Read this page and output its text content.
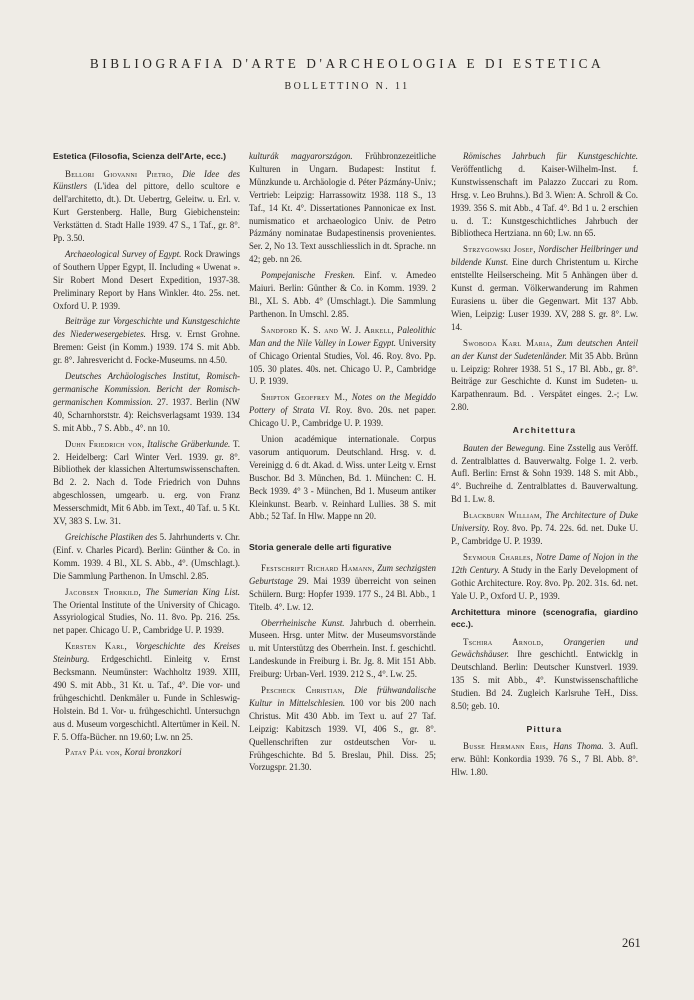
BIBLIOGRAFIA D'ARTE D'ARCHEOLOGIA E DI ESTETICA
BOLLETTINO N. 11
Estetica (Filosofia, Scienza dell'Arte, ecc.)

Bellori Giovanni Pietro, Die Idee des Künstlers (L'idea del pittore, dello scultore e dell'architetto, dt.). Dt. Uebertrg, Geleitw. u. Erl. v. Kurt Gerstenberg. Halle, Burg Giebichenstein: Verkstätten d. Stadt Halle 1939. 47 S., 1 Taf., gr. 8°. Pp. 3.50.

Archaeological Survey of Egypt. Rock Drawings of Southern Upper Egypt, II. Including « Uwenat ». Sir Robert Mond Desert Expedition, 1937-38. Preliminary Report by Hans Winkler. 4to. 25s. net. Oxford U. P. 1939.

Beiträge zur Vorgeschichte und Kunstgeschichte des Niederwesergebietes. Hrsg. v. Ernst Grohne. Bremen: Geist (in Komm.) 1939. 174 S. mit Abb. gr. 8°. Jahresvericht d. Focke-Museums. nn 4.50.

Deutsches Archäologisches Institut, Romisch-germanische Kommission. Bericht der Romisch-germanischen Kommission. 27. 1937. Berlin (NW 40, Scharnhorststr. 4): Reichsverlagsamt 1939. 134 S. mit Abb., 7 S. Abb., 4°. nn 10.

Duhn Friedrich von, Italische Gräberkunde. T. 2. Heidelberg: Carl Winter Verl. 1939. gr. 8°. Bibliothek der klassichen Altertumswissenschaften. Bd 2. 2. Nach d. Tode Friedrich von Duhns abgeschlossen, umgearb. u. erg. von Franz Messerschmidt, Mit 6 Abb. im Text., 40 Taf. u. 5 Kt. XV, 383 S. Lw. 31.

Greichische Plastiken des 5. Jahrhunderts v. Chr. (Einf. v. Charles Picard). Berlin: Günther & Co. in Komm. 1939. 4 Bl., XL S. Abb., 4°. (Umschlagt.). Die Sammlung Parthenon. In Umschl. 2.85.

Jacobsen Thorkild, The Sumerian King List. The Oriental Institute of the University of Chicago. Assyriological Studies, No. 11. 8vo. Pp. 216. 25s. net paper. Chicago U. P., Cambridge U. P. 1939.

Kersten Karl, Vorgeschichte des Kreises Steinburg. Erdgeschichtl. Einleitg v. Ernst Becksmann. Neumünster: Wachholtz 1939. XIII, 490 S. mit Abb., 31 Kt. u. Taf., 4°. Die vor- und frühgeschichtl. Denkmäler u. Funde in Schleswig-Holstein. Bd 1. Vor- u. frühgeschichtl. Untersuchgn aus d. Museum vorgeschichtl. Altertümer in Keil. N. F. 5. Offa-Bücher. nn 19.60; Lw. nn 25.

Pataÿ Pál von, Korai bronzkori

kulturák magyarországon. Frühbronzezeitliche Kulturen in Ungarn. Budapest: Institut f. Münzkunde u. Archäologie d. Péter Pázmány-Univ.; Vertrieb: Leipzig: Harrassowitz 1938. 118 S., 13 Taf., 14 Kt. 4°. Dissertationes Pannonicae ex Inst. numismatico et archaeologico Univ. de Petro Pázmány nominatae Budapestinensis provenientes. Ser. 2, No 13. Text ausschliesslich in dt. Sprache. nn 42; geb. nn 26.

Pompejanische Fresken. Einf. v. Amedeo Maiuri. Berlin: Günther & Co. in Komm. 1939. 2 Bl., XL S. Abb. 4° (Umschlagt.). Die Sammlung Parthenon. In Umschl. 2.85.

Sandford K. S. and W. J. Arkell, Paleolithic Man and the Nile Valley in Lower Egypt. University of Chicago Oriental Studies, Vol. 46. Roy. 8vo. Pp. 105. 30 plates. 40s. net. Chicago U. P., Cambridge U. P. 1939.

Shipton Geoffrey M., Notes on the Megiddo Pottery of Strata VI. Roy. 8vo. 20s. net paper. Chicago U. P., Cambridge U. P. 1939.

Union académique internationale. Corpus vasorum antiquorum. Deutschland. Hrsg. v. d. Vereinigg d. 6 dt. Akad. d. Wiss. unter Leitg v. Ernst Buschor. Bd 3. München, Bd. 1. München: C. H. Beck 1939. 4° 3 - München, Bd 1. Museum antiker Kleinkunst. Bearb. v. Reinhard Lullies. 38 S. mit Abb.; 52 Taf. In Hlw. Mappe nn 20.

Storia generale delle arti figurative

Festschrift Richard Hamann, Zum sechzigsten Geburtstage 29. Mai 1939 überreicht von seinen Schülern. Burg: Hopfer 1939. 177 S., 24 Bl. Abb., 1 Titelb. 4°. Lw. 12.

Oberrheinische Kunst. Jahrbuch d. oberrhein. Museen. Hrsg. unter Mitw. der Museumsvorstände u. mit Unterstützg des Oberrhein. Inst. f. geschichtl. Landeskunde in Freiburg i. Br. Jg. 8. Mit 151 Abb. Freiburg: Urban-Verl. 1939. 212 S., 4°. Lw. 25.

Pescheck Christian, Die frühwandalische Kultur in Mittelschlesien. 100 vor bis 200 nach Christus. Mit 430 Abb. im Text u. auf 27 Taf. Leipzig: Kabitzsch 1939. VI, 406 S., gr. 8°. Quellenschriften zur ostdeutschen Vor- u. Frühgeschichte. Bd 5. Breslau, Phil. Diss. 25; Vorzugspr. 21.30.

Römisches Jahrbuch für Kunstgeschichte. Veröffentlichg d. Kaiser-Wilhelm-Inst. f. Kunstwissenschaft im Palazzo Zuccari zu Rom. Hrsg. v. Leo Bruhns.). Bd 3. Wien: A. Schroll & Co. 1939. 356 S. mit Abb., 4 Taf. 4°. Bd 1 u. 2 erschien u. d. T.: Kunstgeschichtliches Jahrbuch der Bibliotheca Hertziana. nn 60; Lw. nn 65.

Strzygowski Josef, Nordischer Heilbringer und bildende Kunst. Eine durch Christentum u. Kirche entstellte Heilserscheing. Mit 5 Anhängen über d. Kunst d. german. Völkerwanderung im Rahmen Eurasiens u. über die Gegenwart. Mit 137 Abb. Wien, Leipzig: Luser 1939. XV, 288 S. gr. 8°. Lw. 14.

Swoboda Karl Maria, Zum deutschen Anteil an der Kunst der Sudetenländer. Mit 35 Abb. Brünn u. Leipzig: Rohrer 1938. 51 S., 17 Bl. Abb., gr. 8°. Beiträge zur Geschichte d. Kunst im Sudeten- u. Karpathenraum. Bd. . Verspätet einges. 2.-; Lw. 2.80.

Architettura

Bauten der Bewegung. Eine Zsstellg aus Veröff. d. Zentralblattes d. Bauverwaltg. Folge 1. 2. verb. Aufl. Berlin: Ernst & Sohn 1939. 148 S. mit Abb., 4°. Buchreihe d. Zentralblattes d. Bauverwaltung. Bd 1. Lw. 8.

Blackburn William, The Architecture of Duke University. Roy. 8vo. Pp. 74. 22s. 6d. net. Duke U. P., Cambridge U. P. 1939.

Seymour Charles, Notre Dame of Nojon in the 12th Century. A Study in the Early Development of Gothic Architecture. Roy. 8vo. Pp. 202. 31s. 6d. net. Yale U. P., Oxford U. P., 1939.

Architettura minore (scenografia, giardino ecc.).

Tschira Arnold, Orangerien und Gewächshäuser. Ihre geschichtl. Entwicklg in Deutschland. Berlin: Deutscher Kunstverl. 1939. 135 S. mit Abb., 4°. Kunstwissenschaftliche Studien. Bd 24. Zugleich Karlsruhe TeH., Diss. 8.50; geb. 10.

Pittura

Busse Hermann Eris, Hans Thoma. 3. Aufl. erw. Bühl: Konkordia 1939. 76 S., 7 Bl. Abb. 8°. Hlw. 1.80.

261
